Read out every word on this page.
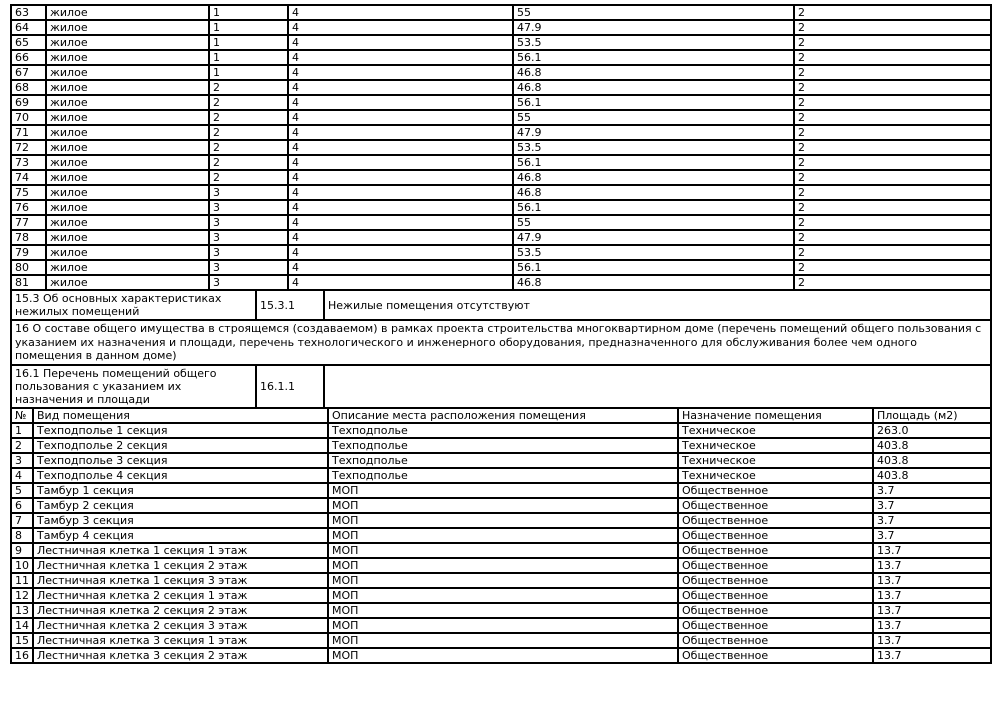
63	жилое	1	4	55	2
64	жилое	1	4	47.9	2
65	жилое	1	4	53.5	2
66	жилое	1	4	56.1	2
67	жилое	1	4	46.8	2
68	жилое	2	4	46.8	2
69	жилое	2	4	56.1	2
70	жилое	2	4	55	2
71	жилое	2	4	47.9	2
72	жилое	2	4	53.5	2
73	жилое	2	4	56.1	2
74	жилое	2	4	46.8	2
75	жилое	3	4	46.8	2
76	жилое	3	4	56.1	2
77	жилое	3	4	55	2
78	жилое	3	4	47.9	2
79	жилое	3	4	53.5	2
80	жилое	3	4	56.1	2
81	жилое	3	4	46.8	2
15.3 Об основных характеристиках нежилых помещений	15.3.1	Нежилые помещения отсутствуют
16 О составе общего имущества в строящемся (создаваемом) в рамках проекта строительства многоквартирном доме (перечень помещений общего пользования с указанием их назначения и площади, перечень технологического и инженерного оборудования, предназначенного для обслуживания более чем одного помещения в данном доме)
16.1 Перечень помещений общего пользования с указанием их назначения и площади	16.1.1	
№	Вид помещения	Описание места расположения помещения	Назначение помещения	Площадь (м2)
1	Техподполье 1 секция	Техподполье	Техническое	263.0
2	Техподполье 2 секция	Техподполье	Техническое	403.8
3	Техподполье 3 секция	Техподполье	Техническое	403.8
4	Техподполье 4 секция	Техподполье	Техническое	403.8
5	Тамбур 1 секция	МОП	Общественное	3.7
6	Тамбур 2 секция	МОП	Общественное	3.7
7	Тамбур 3 секция	МОП	Общественное	3.7
8	Тамбур 4 секция	МОП	Общественное	3.7
9	Лестничная клетка 1 секция 1 этаж	МОП	Общественное	13.7
10	Лестничная клетка 1 секция 2 этаж	МОП	Общественное	13.7
11	Лестничная клетка 1 секция 3 этаж	МОП	Общественное	13.7
12	Лестничная клетка 2 секция 1 этаж	МОП	Общественное	13.7
13	Лестничная клетка 2 секция 2 этаж	МОП	Общественное	13.7
14	Лестничная клетка 2 секция 3 этаж	МОП	Общественное	13.7
15	Лестничная клетка 3 секция 1 этаж	МОП	Общественное	13.7
16	Лестничная клетка 3 секция 2 этаж	МОП	Общественное	13.7
